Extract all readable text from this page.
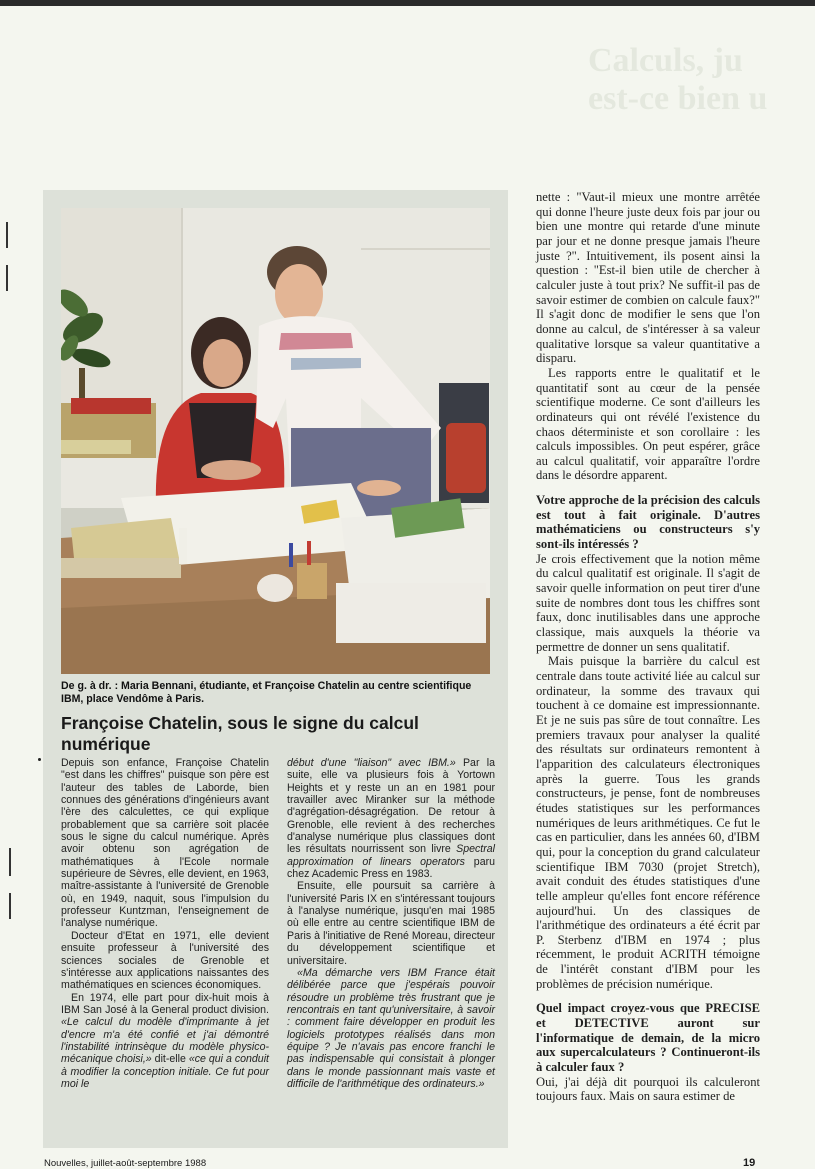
Calculs, ju
est-ce bien u
De g. à dr. : Maria Bennani, étudiante, et Françoise Chatelin au centre scientifique IBM, place Vendôme à Paris.
Françoise Chatelin, sous le signe du calcul numérique

Depuis son enfance, Françoise Chatelin "est dans les chiffres" puisque son père est l'auteur des tables de Laborde, bien connues des générations d'ingénieurs avant l'ère des calculettes, ce qui explique probablement que sa carrière soit placée sous le signe du calcul numérique. Après avoir obtenu son agrégation de mathématiques à l'Ecole normale supérieure de Sèvres, elle devient, en 1963, maître-assistante à l'université de Grenoble où, en 1949, naquit, sous l'impulsion du professeur Kuntzman, l'enseignement de l'analyse numérique.

Docteur d'Etat en 1971, elle devient ensuite professeur à l'université des sciences sociales de Grenoble et s'intéresse aux applications naissantes des mathématiques en sciences économiques.

En 1974, elle part pour dix-huit mois à IBM San José à la General product division. «Le calcul du modèle d'imprimante à jet d'encre m'a été confié et j'ai démontré l'instabilité intrinsèque du modèle physico-mécanique choisi,» dit-elle «ce qui a conduit à modifier la conception initiale. Ce fut pour moi le

début d'une "liaison" avec IBM.» Par la suite, elle va plusieurs fois à Yortown Heights et y reste un an en 1981 pour travailler avec Miranker sur la méthode d'agrégation-désagrégation. De retour à Grenoble, elle revient à des recherches d'analyse numérique plus classiques dont les résultats nourrissent son livre Spectral approximation of linears operators paru chez Academic Press en 1983.

Ensuite, elle poursuit sa carrière à l'université Paris IX en s'intéressant toujours à l'analyse numérique, jusqu'en mai 1985 où elle entre au centre scientifique IBM de Paris à l'initiative de René Moreau, directeur du développement scientifique et universitaire.

«Ma démarche vers IBM France était délibérée parce que j'espérais pouvoir résoudre un problème très frustrant que je rencontrais en tant qu'universitaire, à savoir : comment faire développer en produit les logiciels prototypes réalisés dans mon équipe ? Je n'avais pas encore franchi le pas indispensable qui consistait à plonger dans le monde passionnant mais vaste et difficile de l'arithmétique des ordinateurs.»

nette : "Vaut-il mieux une montre arrêtée qui donne l'heure juste deux fois par jour ou bien une montre qui retarde d'une minute par jour et ne donne presque jamais l'heure juste ?". Intuitivement, ils posent ainsi la question : "Est-il bien utile de chercher à calculer juste à tout prix? Ne suffit-il pas de savoir estimer de combien on calcule faux?" Il s'agit donc de modifier le sens que l'on donne au calcul, de s'intéresser à sa valeur qualitative lorsque sa valeur quantitative a disparu.

Les rapports entre le qualitatif et le quantitatif sont au cœur de la pensée scientifique moderne. Ce sont d'ailleurs les ordinateurs qui ont révélé l'existence du chaos déterministe et son corollaire : les calculs impossibles. On peut espérer, grâce au calcul qualitatif, voir apparaître l'ordre dans le désordre apparent.

Votre approche de la précision des calculs est tout à fait originale. D'autres mathématiciens ou constructeurs s'y sont-ils intéressés ?

Je crois effectivement que la notion même du calcul qualitatif est originale. Il s'agit de savoir quelle information on peut tirer d'une suite de nombres dont tous les chiffres sont faux, donc inutilisables dans une approche classique, mais auxquels la théorie va permettre de donner un sens qualitatif.

Mais puisque la barrière du calcul est centrale dans toute activité liée au calcul sur ordinateur, la somme des travaux qui touchent à ce domaine est impressionnante. Et je ne suis pas sûre de tout connaître. Les premiers travaux pour analyser la qualité des résultats sur ordinateurs remontent à l'apparition des calculateurs électroniques après la guerre. Tous les grands constructeurs, je pense, font de nombreuses études statistiques sur les performances numériques de leurs arithmétiques. Ce fut le cas en particulier, dans les années 60, d'IBM qui, pour la conception du grand calculateur scientifique IBM 7030 (projet Stretch), avait conduit des études statistiques d'une telle ampleur qu'elles font encore référence aujourd'hui. Un des classiques de l'arithmétique des ordinateurs a été écrit par P. Sterbenz d'IBM en 1974 ; plus récemment, le produit ACRITH témoigne de l'intérêt constant d'IBM pour les problèmes de précision numérique.

Quel impact croyez-vous que PRECISE et DETECTIVE auront sur l'informatique de demain, de la micro aux supercalculateurs ? Continueront-ils à calculer faux ?

Oui, j'ai déjà dit pourquoi ils calculeront toujours faux. Mais on saura estimer de

Nouvelles, juillet-août-septembre 1988	19
